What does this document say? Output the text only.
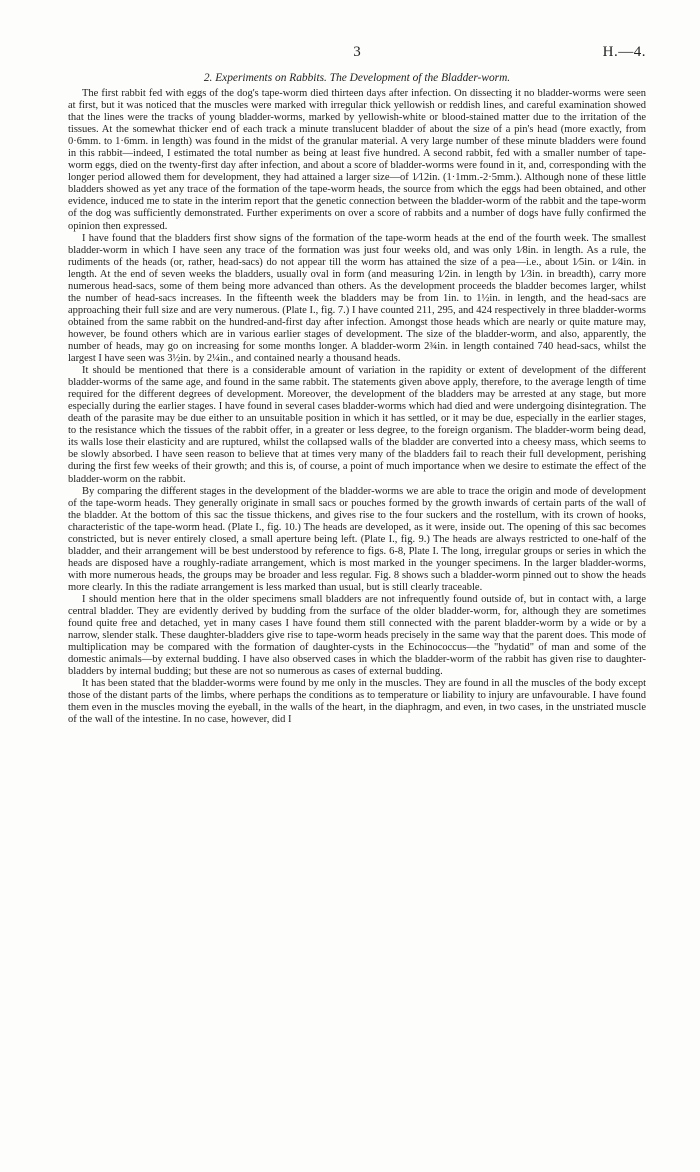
3	H.—4.
2. Experiments on Rabbits. The Development of the Bladder-worm.

The first rabbit fed with eggs of the dog's tape-worm died thirteen days after infection. On dissecting it no bladder-worms were seen at first, but it was noticed that the muscles were marked with irregular thick yellowish or reddish lines, and careful examination showed that the lines were the tracks of young bladder-worms, marked by yellowish-white or blood-stained matter due to the irritation of the tissues. At the somewhat thicker end of each track a minute translucent bladder of about the size of a pin's head (more exactly, from 0·6mm. to 1·6mm. in length) was found in the midst of the granular material. A very large number of these minute bladders were found in this rabbit—indeed, I estimated the total number as being at least five hundred. A second rabbit, fed with a smaller number of tape-worm eggs, died on the twenty-first day after infection, and about a score of bladder-worms were found in it, and, corresponding with the longer period allowed them for development, they had attained a larger size—of 1⁄12in. (1·1mm.-2·5mm.). Although none of these little bladders showed as yet any trace of the formation of the tape-worm heads, the source from which the eggs had been obtained, and other evidence, induced me to state in the interim report that the genetic connection between the bladder-worm of the rabbit and the tape-worm of the dog was sufficiently demonstrated. Further experiments on over a score of rabbits and a number of dogs have fully confirmed the opinion then expressed.

I have found that the bladders first show signs of the formation of the tape-worm heads at the end of the fourth week. The smallest bladder-worm in which I have seen any trace of the formation was just four weeks old, and was only 1⁄8in. in length. As a rule, the rudiments of the heads (or, rather, head-sacs) do not appear till the worm has attained the size of a pea—i.e., about 1⁄5in. or 1⁄4in. in length. At the end of seven weeks the bladders, usually oval in form (and measuring 1⁄2in. in length by 1⁄3in. in breadth), carry more numerous head-sacs, some of them being more advanced than others. As the development proceeds the bladder becomes larger, whilst the number of head-sacs increases. In the fifteenth week the bladders may be from 1in. to 1½in. in length, and the head-sacs are approaching their full size and are very numerous. (Plate I., fig. 7.) I have counted 211, 295, and 424 respectively in three bladder-worms obtained from the same rabbit on the hundred-and-first day after infection. Amongst those heads which are nearly or quite mature may, however, be found others which are in various earlier stages of development. The size of the bladder-worm, and also, apparently, the number of heads, may go on increasing for some months longer. A bladder-worm 2¾in. in length contained 740 head-sacs, whilst the largest I have seen was 3½in. by 2¼in., and contained nearly a thousand heads.

It should be mentioned that there is a considerable amount of variation in the rapidity or extent of development of the different bladder-worms of the same age, and found in the same rabbit. The statements given above apply, therefore, to the average length of time required for the different degrees of development. Moreover, the development of the bladders may be arrested at any stage, but more especially during the earlier stages. I have found in several cases bladder-worms which had died and were undergoing disintegration. The death of the parasite may be due either to an unsuitable position in which it has settled, or it may be due, especially in the earlier stages, to the resistance which the tissues of the rabbit offer, in a greater or less degree, to the foreign organism. The bladder-worm being dead, its walls lose their elasticity and are ruptured, whilst the collapsed walls of the bladder are converted into a cheesy mass, which seems to be slowly absorbed. I have seen reason to believe that at times very many of the bladders fail to reach their full development, perishing during the first few weeks of their growth; and this is, of course, a point of much importance when we desire to estimate the effect of the bladder-worm on the rabbit.

By comparing the different stages in the development of the bladder-worms we are able to trace the origin and mode of development of the tape-worm heads. They generally originate in small sacs or pouches formed by the growth inwards of certain parts of the wall of the bladder. At the bottom of this sac the tissue thickens, and gives rise to the four suckers and the rostellum, with its crown of hooks, characteristic of the tape-worm head. (Plate I., fig. 10.) The heads are developed, as it were, inside out. The opening of this sac becomes constricted, but is never entirely closed, a small aperture being left. (Plate I., fig. 9.) The heads are always restricted to one-half of the bladder, and their arrangement will be best understood by reference to figs. 6-8, Plate I. The long, irregular groups or series in which the heads are disposed have a roughly-radiate arrangement, which is most marked in the younger specimens. In the larger bladder-worms, with more numerous heads, the groups may be broader and less regular. Fig. 8 shows such a bladder-worm pinned out to show the heads more clearly. In this the radiate arrangement is less marked than usual, but is still clearly traceable.

I should mention here that in the older specimens small bladders are not infrequently found outside of, but in contact with, a large central bladder. They are evidently derived by budding from the surface of the older bladder-worm, for, although they are sometimes found quite free and detached, yet in many cases I have found them still connected with the parent bladder-worm by a wide or by a narrow, slender stalk. These daughter-bladders give rise to tape-worm heads precisely in the same way that the parent does. This mode of multiplication may be compared with the formation of daughter-cysts in the Echinococcus—the "hydatid" of man and some of the domestic animals—by external budding. I have also observed cases in which the bladder-worm of the rabbit has given rise to daughter-bladders by internal budding; but these are not so numerous as cases of external budding.

It has been stated that the bladder-worms were found by me only in the muscles. They are found in all the muscles of the body except those of the distant parts of the limbs, where perhaps the conditions as to temperature or liability to injury are unfavourable. I have found them even in the muscles moving the eyeball, in the walls of the heart, in the diaphragm, and even, in two cases, in the unstriated muscle of the wall of the intestine. In no case, however, did I
